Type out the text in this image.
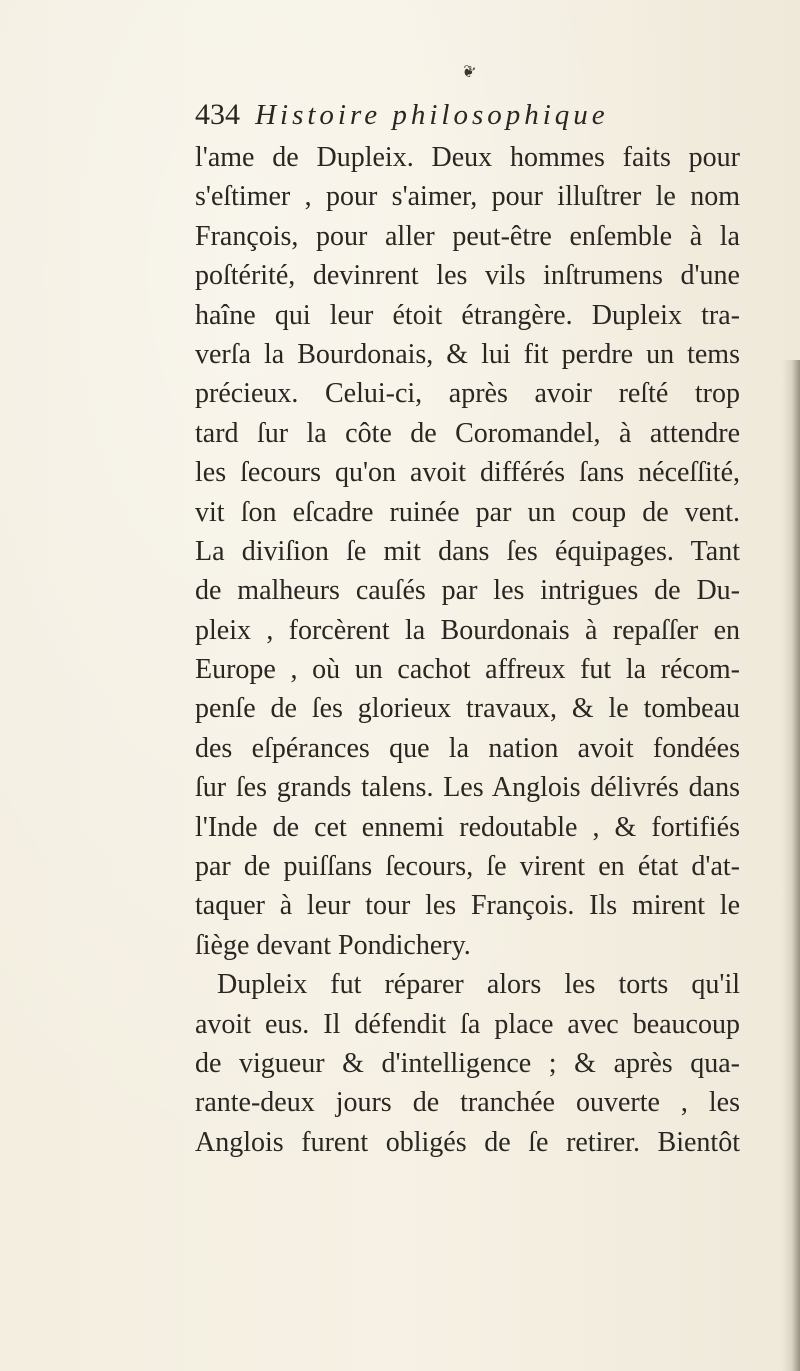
❦
434 Histoire philosophique
l'ame de Dupleix. Deux hommes faits pour
s'eſtimer , pour s'aimer, pour illuſtrer le nom
François, pour aller peut-être enſemble à la
poſtérité, devinrent les vils inſtrumens d'une
haîne qui leur étoit étrangère. Dupleix tra-
verſa la Bourdonais, & lui fit perdre un tems
précieux. Celui-ci, après avoir reſté trop
tard ſur la côte de Coromandel, à attendre
les ſecours qu'on avoit différés ſans néceſſité,
vit ſon eſcadre ruinée par un coup de vent.
La diviſion ſe mit dans ſes équipages. Tant
de malheurs cauſés par les intrigues de Du-
pleix , forcèrent la Bourdonais à repaſſer en
Europe , où un cachot affreux fut la récom-
penſe de ſes glorieux travaux, & le tombeau
des eſpérances que la nation avoit fondées
ſur ſes grands talens. Les Anglois délivrés dans
l'Inde de cet ennemi redoutable , & fortifiés
par de puiſſans ſecours, ſe virent en état d'at-
taquer à leur tour les François. Ils mirent le
ſiège devant Pondichery.
Dupleix fut réparer alors les torts qu'il
avoit eus. Il défendit ſa place avec beaucoup
de vigueur & d'intelligence ; & après qua-
rante-deux jours de tranchée ouverte , les
Anglois furent obligés de ſe retirer. Bientôt
